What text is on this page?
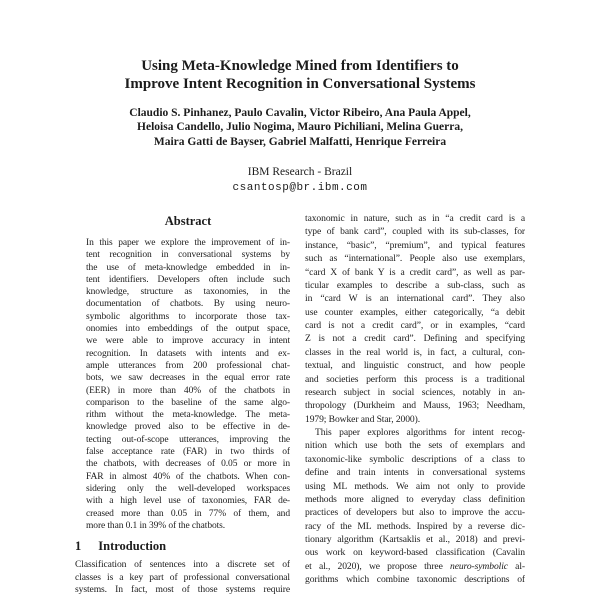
Using Meta-Knowledge Mined from Identifiers to
Improve Intent Recognition in Conversational Systems
Claudio S. Pinhanez, Paulo Cavalin, Victor Ribeiro, Ana Paula Appel,
Heloisa Candello, Julio Nogima, Mauro Pichiliani, Melina Guerra,
Maira Gatti de Bayser, Gabriel Malfatti, Henrique Ferreira
IBM Research - Brazil
csantosp@br.ibm.com
Abstract
In this paper we explore the improvement of in-
tent recognition in conversational systems by
the use of meta-knowledge embedded in in-
tent identifiers. Developers often include such
knowledge, structure as taxonomies, in the
documentation of chatbots. By using neuro-
symbolic algorithms to incorporate those tax-
onomies into embeddings of the output space,
we were able to improve accuracy in intent
recognition. In datasets with intents and ex-
ample utterances from 200 professional chat-
bots, we saw decreases in the equal error rate
(EER) in more than 40% of the chatbots in
comparison to the baseline of the same algo-
rithm without the meta-knowledge. The meta-
knowledge proved also to be effective in de-
tecting out-of-scope utterances, improving the
false acceptance rate (FAR) in two thirds of
the chatbots, with decreases of 0.05 or more in
FAR in almost 40% of the chatbots. When con-
sidering only the well-developed workspaces
with a high level use of taxonomies, FAR de-
creased more than 0.05 in 77% of them, and
more than 0.1 in 39% of the chatbots.
1 Introduction
Classification of sentences into a discrete set of
classes is a key part of professional conversational
systems. In fact, most of those systems require
taxonomic in nature, such as in “a credit card is a
type of bank card”, coupled with its sub-classes, for
instance, “basic”, “premium”, and typical features
such as “international”. People also use exemplars,
“card X of bank Y is a credit card”, as well as par-
ticular examples to describe a sub-class, such as
in “card W is an international card”. They also
use counter examples, either categorically, “a debit
card is not a credit card”, or in examples, “card
Z is not a credit card”. Defining and specifying
classes in the real world is, in fact, a cultural, con-
textual, and linguistic construct, and how people
and societies perform this process is a traditional
research subject in social sciences, notably in an-
thropology (Durkheim and Mauss, 1963; Needham,
1979; Bowker and Star, 2000).
This paper explores algorithms for intent recog-
nition which use both the sets of exemplars and
taxonomic-like symbolic descriptions of a class to
define and train intents in conversational systems
using ML methods. We aim not only to provide
methods more aligned to everyday class definition
practices of developers but also to improve the accu-
racy of the ML methods. Inspired by a reverse dic-
tionary algorithm (Kartsaklis et al., 2018) and previ-
ous work on keyword-based classification (Cavalin
et al., 2020), we propose three neuro-symbolic al-
gorithms which combine taxonomic descriptions of
